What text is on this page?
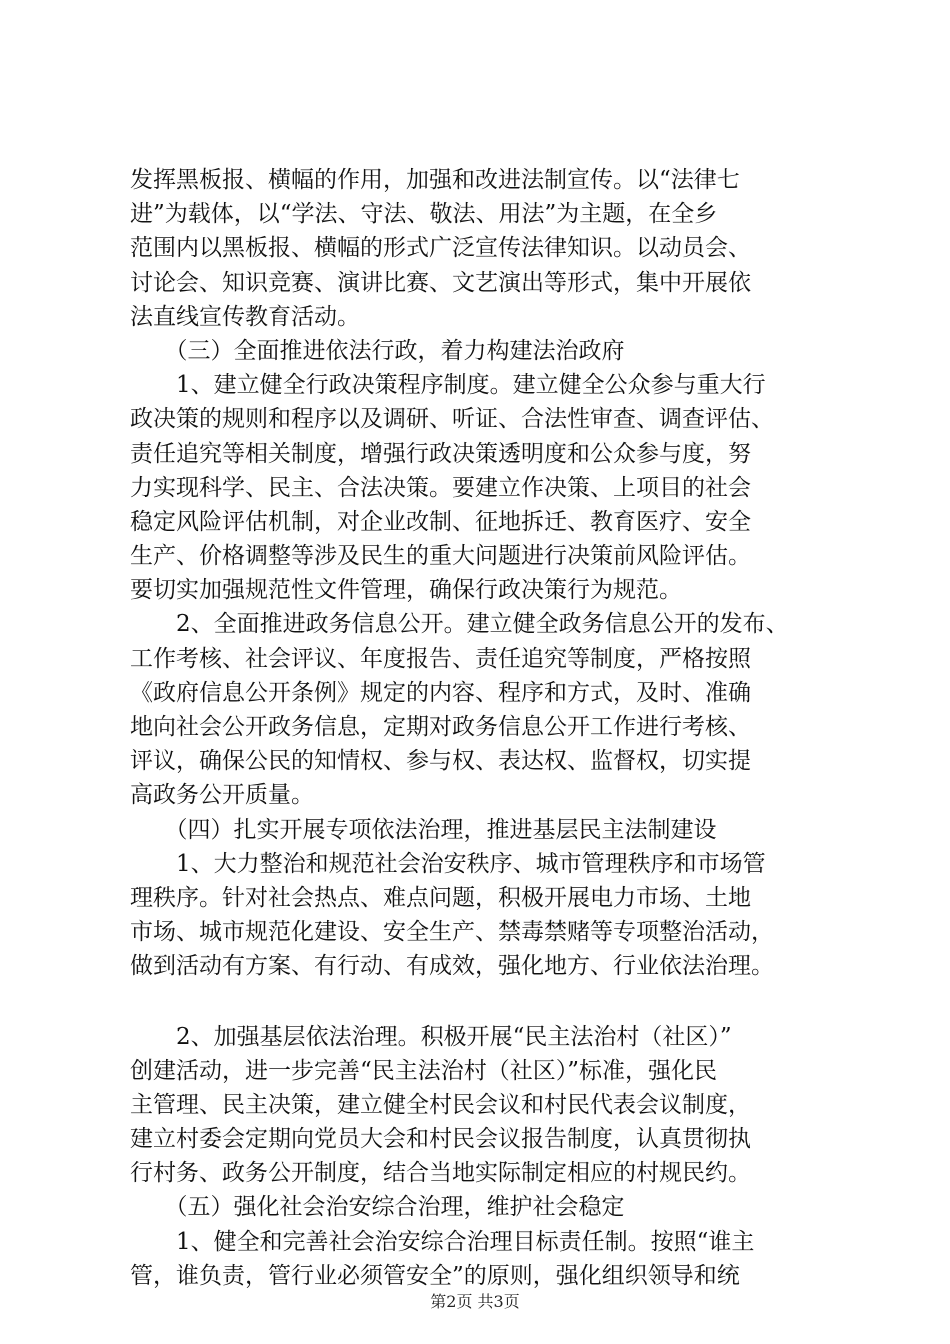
发挥黑板报、横幅的作用，加强和改进法制宣传。以“法律七
进”为载体，以“学法、守法、敬法、用法”为主题，在全乡
范围内以黑板报、横幅的形式广泛宣传法律知识。以动员会、
讨论会、知识竞赛、演讲比赛、文艺演出等形式，集中开展依
法直线宣传教育活动。
　　（三）全面推进依法行政，着力构建法治政府
　　1、建立健全行政决策程序制度。建立健全公众参与重大行
政决策的规则和程序以及调研、听证、合法性审查、调查评估、
责任追究等相关制度，增强行政决策透明度和公众参与度，努
力实现科学、民主、合法决策。要建立作决策、上项目的社会
稳定风险评估机制，对企业改制、征地拆迁、教育医疗、安全
生产、价格调整等涉及民生的重大问题进行决策前风险评估。
要切实加强规范性文件管理，确保行政决策行为规范。
　　2、全面推进政务信息公开。建立健全政务信息公开的发布、
工作考核、社会评议、年度报告、责任追究等制度，严格按照
《政府信息公开条例》规定的内容、程序和方式，及时、准确
地向社会公开政务信息，定期对政务信息公开工作进行考核、
评议，确保公民的知情权、参与权、表达权、监督权，切实提
高政务公开质量。
　　（四）扎实开展专项依法治理，推进基层民主法制建设
　　1、大力整治和规范社会治安秩序、城市管理秩序和市场管
理秩序。针对社会热点、难点问题，积极开展电力市场、土地
市场、城市规范化建设、安全生产、禁毒禁赌等专项整治活动，
做到活动有方案、有行动、有成效，强化地方、行业依法治理。
　　2、加强基层依法治理。积极开展“民主法治村（社区）”
创建活动，进一步完善“民主法治村（社区）”标准，强化民
主管理、民主决策，建立健全村民会议和村民代表会议制度，
建立村委会定期向党员大会和村民会议报告制度，认真贯彻执
行村务、政务公开制度，结合当地实际制定相应的村规民约。
　　（五）强化社会治安综合治理，维护社会稳定
　　1、健全和完善社会治安综合治理目标责任制。按照“谁主
管，谁负责，管行业必须管安全”的原则，强化组织领导和统
第2页 共3页
